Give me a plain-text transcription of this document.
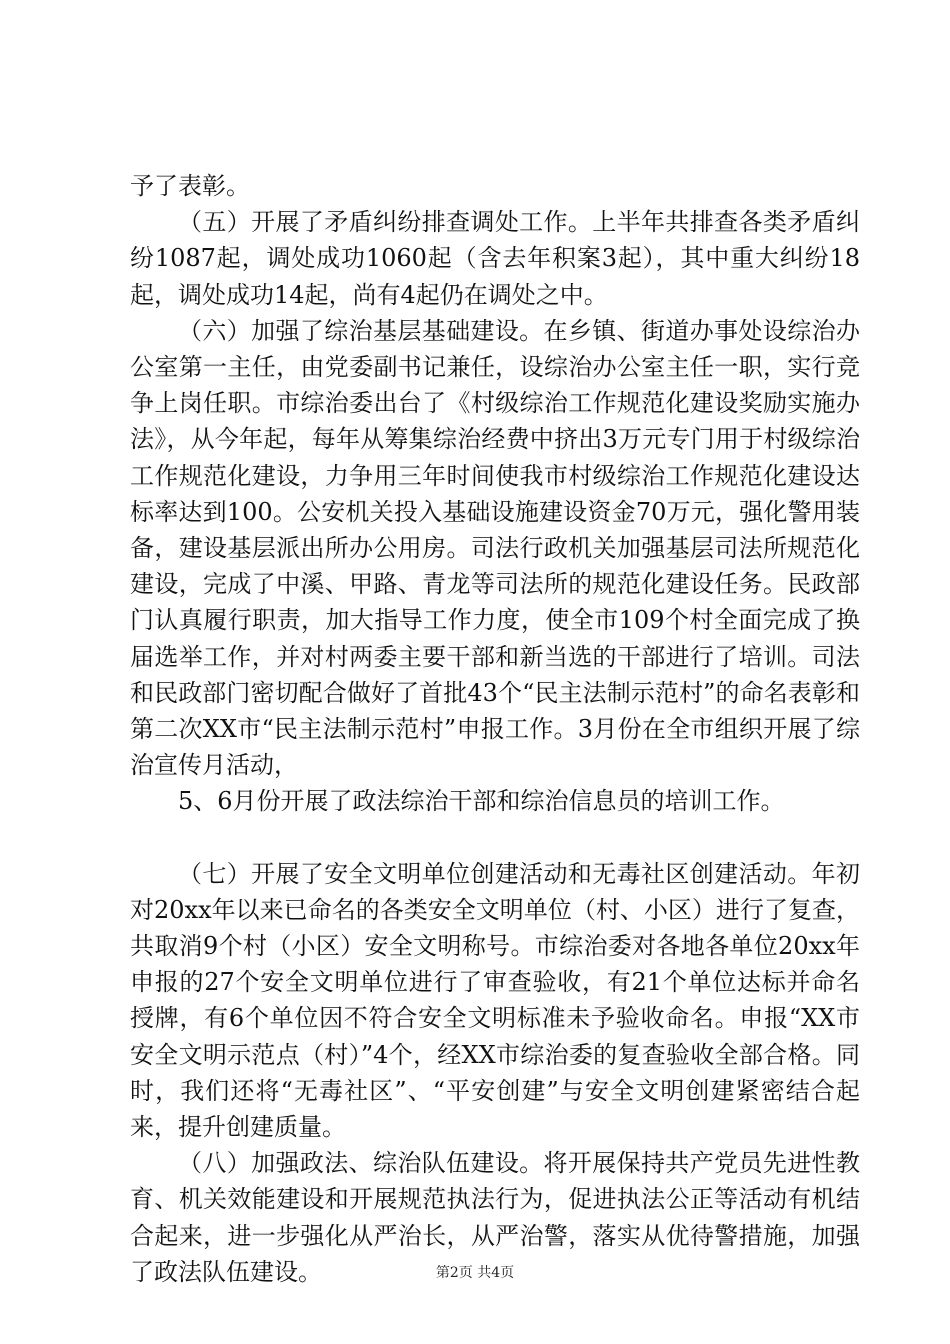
予了表彰。

（五）开展了矛盾纠纷排查调处工作。上半年共排查各类矛盾纠纷1087起，调处成功1060起（含去年积案3起），其中重大纠纷18起，调处成功14起，尚有4起仍在调处之中。

（六）加强了综治基层基础建设。在乡镇、街道办事处设综治办公室第一主任，由党委副书记兼任，设综治办公室主任一职，实行竞争上岗任职。市综治委出台了《村级综治工作规范化建设奖励实施办法》，从今年起，每年从筹集综治经费中挤出3万元专门用于村级综治工作规范化建设，力争用三年时间使我市村级综治工作规范化建设达标率达到100。公安机关投入基础设施建设资金70万元，强化警用装备，建设基层派出所办公用房。司法行政机关加强基层司法所规范化建设，完成了中溪、甲路、青龙等司法所的规范化建设任务。民政部门认真履行职责，加大指导工作力度，使全市109个村全面完成了换届选举工作，并对村两委主要干部和新当选的干部进行了培训。司法和民政部门密切配合做好了首批43个“民主法制示范村”的命名表彰和第二次XX市“民主法制示范村”申报工作。3月份在全市组织开展了综治宣传月活动，

5、6月份开展了政法综治干部和综治信息员的培训工作。

（七）开展了安全文明单位创建活动和无毒社区创建活动。年初对20xx年以来已命名的各类安全文明单位（村、小区）进行了复查，共取消9个村（小区）安全文明称号。市综治委对各地各单位20xx年申报的27个安全文明单位进行了审查验收，有21个单位达标并命名授牌，有6个单位因不符合安全文明标准未予验收命名。申报“XX市安全文明示范点（村）”4个，经XX市综治委的复查验收全部合格。同时，我们还将“无毒社区”、“平安创建”与安全文明创建紧密结合起来，提升创建质量。

（八）加强政法、综治队伍建设。将开展保持共产党员先进性教育、机关效能建设和开展规范执法行为，促进执法公正等活动有机结合起来，进一步强化从严治长，从严治警，落实从优待警措施，加强了政法队伍建设。	第2页 共4页
